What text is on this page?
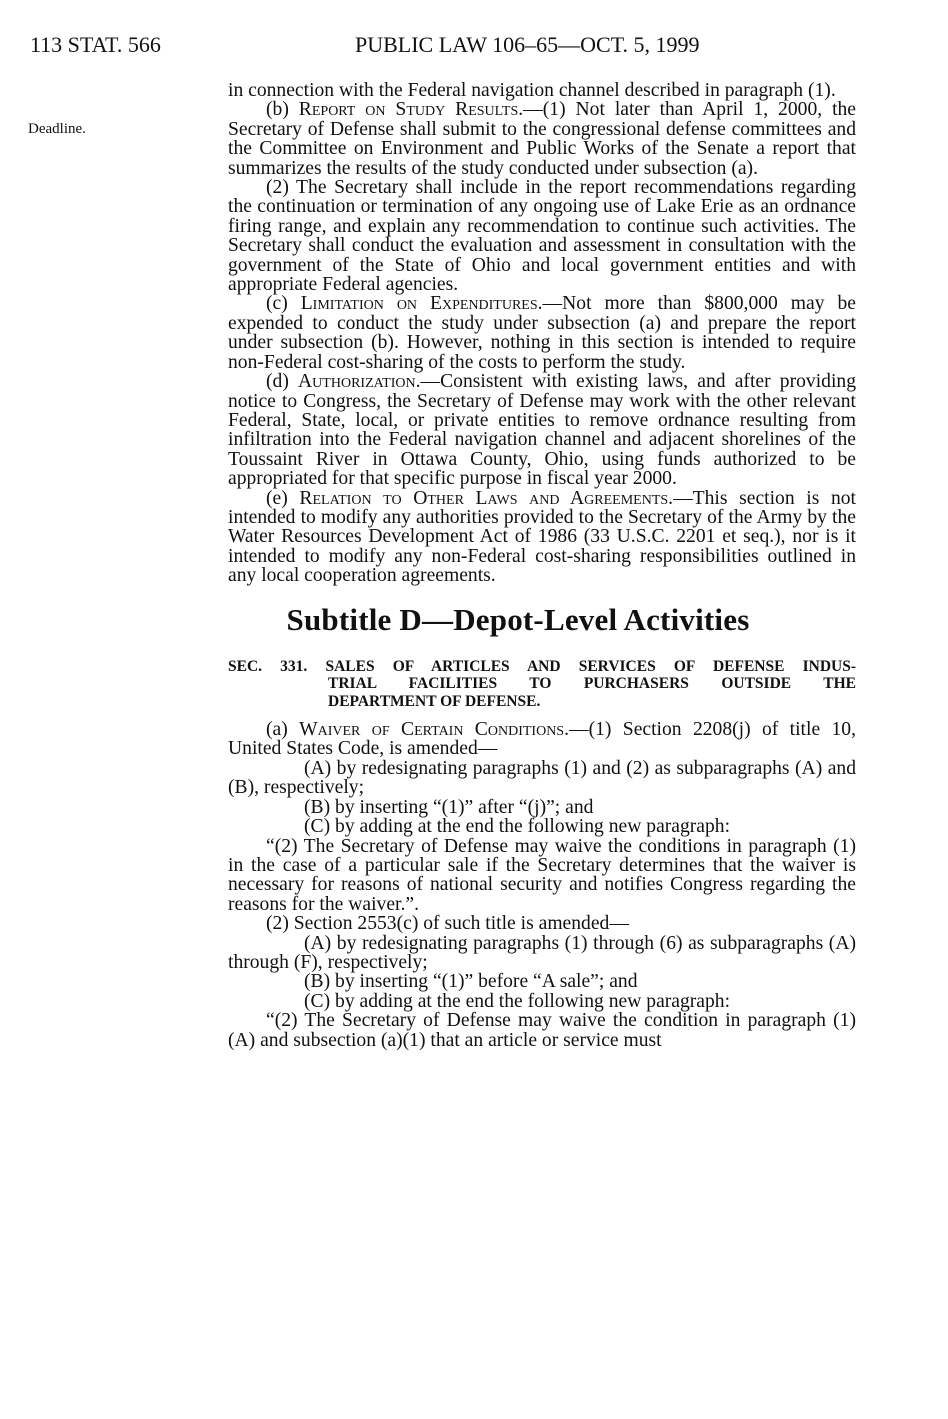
113 STAT. 566	PUBLIC LAW 106–65—OCT. 5, 1999
Deadline.

in connection with the Federal navigation channel described in paragraph (1).

(b) Report on Study Results.—(1) Not later than April 1, 2000, the Secretary of Defense shall submit to the congressional defense committees and the Committee on Environment and Public Works of the Senate a report that summarizes the results of the study conducted under subsection (a).

(2) The Secretary shall include in the report recommendations regarding the continuation or termination of any ongoing use of Lake Erie as an ordnance firing range, and explain any recommendation to continue such activities. The Secretary shall conduct the evaluation and assessment in consultation with the government of the State of Ohio and local government entities and with appropriate Federal agencies.

(c) Limitation on Expenditures.—Not more than $800,000 may be expended to conduct the study under subsection (a) and prepare the report under subsection (b). However, nothing in this section is intended to require non-Federal cost-sharing of the costs to perform the study.

(d) Authorization.—Consistent with existing laws, and after providing notice to Congress, the Secretary of Defense may work with the other relevant Federal, State, local, or private entities to remove ordnance resulting from infiltration into the Federal navigation channel and adjacent shorelines of the Toussaint River in Ottawa County, Ohio, using funds authorized to be appropriated for that specific purpose in fiscal year 2000.

(e) Relation to Other Laws and Agreements.—This section is not intended to modify any authorities provided to the Secretary of the Army by the Water Resources Development Act of 1986 (33 U.S.C. 2201 et seq.), nor is it intended to modify any non-Federal cost-sharing responsibilities outlined in any local cooperation agreements.

Subtitle D—Depot-Level Activities

SEC. 331. SALES OF ARTICLES AND SERVICES OF DEFENSE INDUS-
TRIAL FACILITIES TO PURCHASERS OUTSIDE THE
DEPARTMENT OF DEFENSE.

(a) Waiver of Certain Conditions.—(1) Section 2208(j) of title 10, United States Code, is amended—

(A) by redesignating paragraphs (1) and (2) as subparagraphs (A) and (B), respectively;

(B) by inserting “(1)” after “(j)”; and

(C) by adding at the end the following new paragraph:

“(2) The Secretary of Defense may waive the conditions in paragraph (1) in the case of a particular sale if the Secretary determines that the waiver is necessary for reasons of national security and notifies Congress regarding the reasons for the waiver.”.

(2) Section 2553(c) of such title is amended—

(A) by redesignating paragraphs (1) through (6) as subparagraphs (A) through (F), respectively;

(B) by inserting “(1)” before “A sale”; and

(C) by adding at the end the following new paragraph:

“(2) The Secretary of Defense may waive the condition in paragraph (1)(A) and subsection (a)(1) that an article or service must
